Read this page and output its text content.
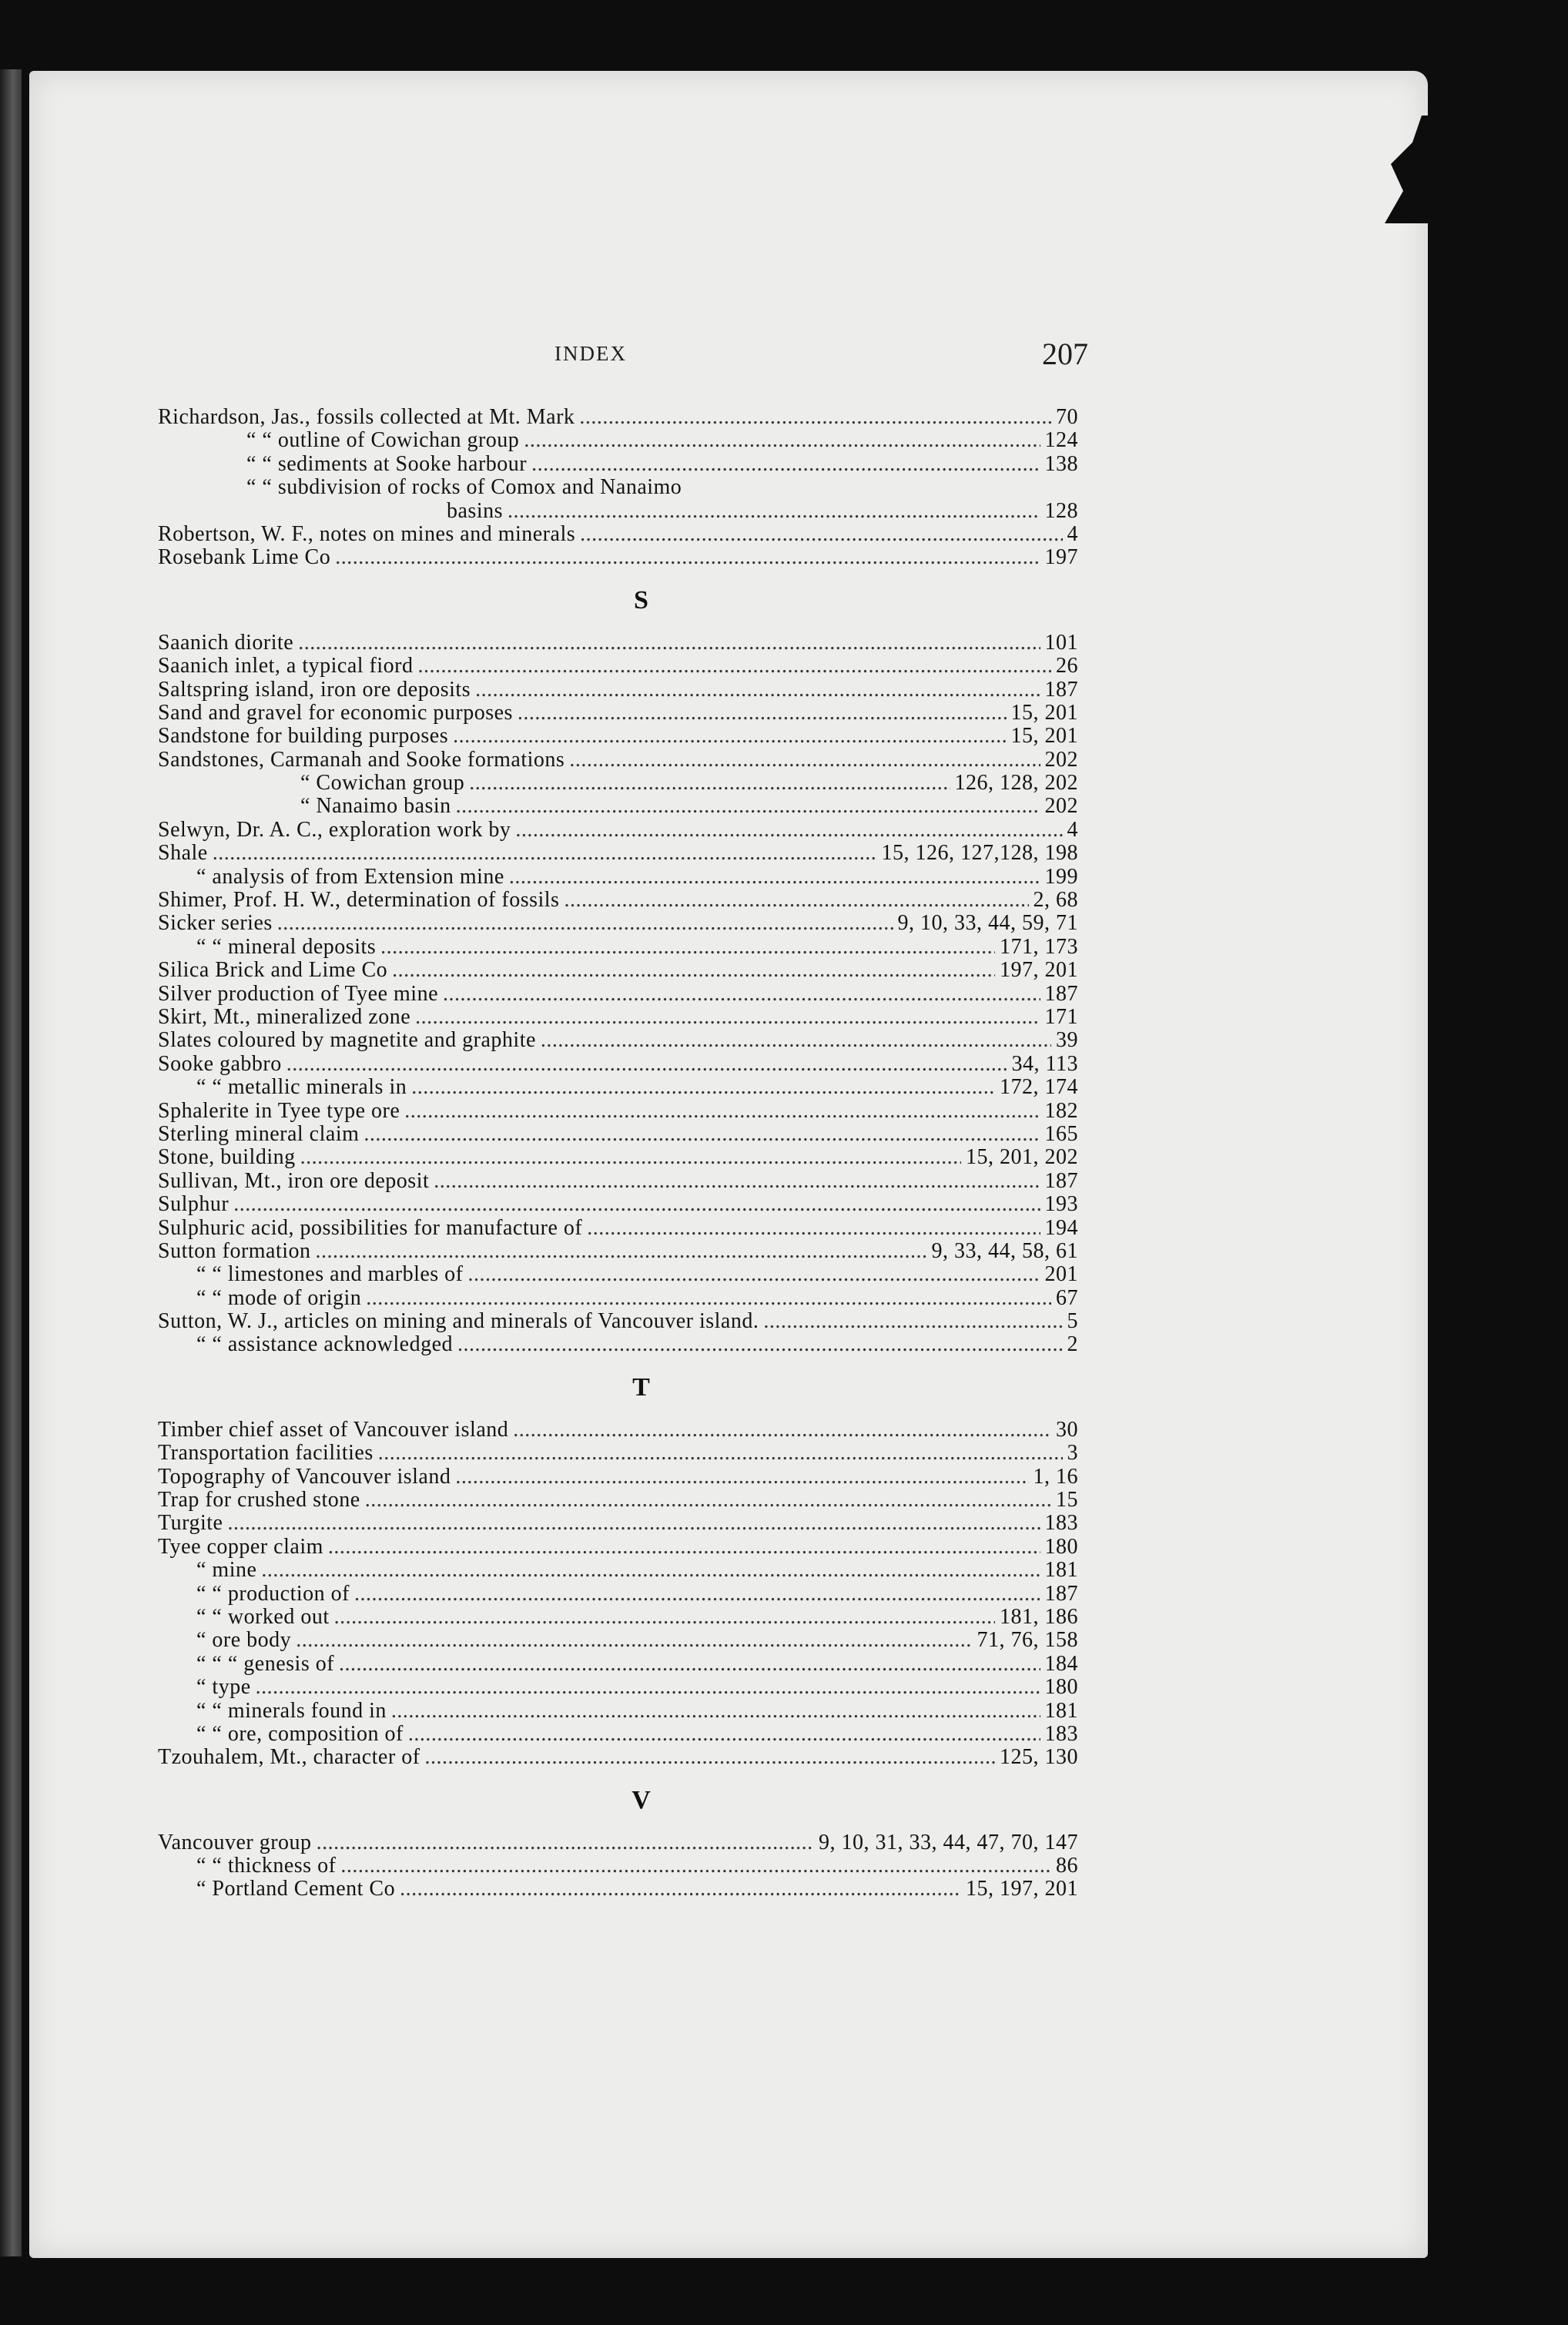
INDEX	207
Richardson, Jas., fossils collected at Mt. Mark .....	70
“ “ outline of Cowichan group .....	124
“ “ sediments at Sooke harbour .....	138
“ “ subdivision of rocks of Comox and Nanaimo
basins .....	128
Robertson, W. F., notes on mines and minerals .....	4
Rosebank Lime Co .....	197
S
Saanich diorite .....	101
Saanich inlet, a typical fiord .....	26
Saltspring island, iron ore deposits .....	187
Sand and gravel for economic purposes .....	15, 201
Sandstone for building purposes .....	15, 201
Sandstones, Carmanah and Sooke formations .....	202
“ Cowichan group .....	126, 128, 202
“ Nanaimo basin .....	202
Selwyn, Dr. A. C., exploration work by .....	4
Shale .....	15, 126, 127,128, 198
“ analysis of from Extension mine .....	199
Shimer, Prof. H. W., determination of fossils .....	2, 68
Sicker series .....	9, 10, 33, 44, 59, 71
“ “ mineral deposits .....	171, 173
Silica Brick and Lime Co .....	197, 201
Silver production of Tyee mine .....	187
Skirt, Mt., mineralized zone .....	171
Slates coloured by magnetite and graphite .....	39
Sooke gabbro .....	34, 113
“ “ metallic minerals in .....	172, 174
Sphalerite in Tyee type ore .....	182
Sterling mineral claim .....	165
Stone, building .....	15, 201, 202
Sullivan, Mt., iron ore deposit .....	187
Sulphur .....	193
Sulphuric acid, possibilities for manufacture of .....	194
Sutton formation .....	9, 33, 44, 58, 61
“ “ limestones and marbles of .....	201
“ “ mode of origin .....	67
Sutton, W. J., articles on mining and minerals of Vancouver island. .....	5
“ “ assistance acknowledged .....	2
T
Timber chief asset of Vancouver island .....	30
Transportation facilities .....	3
Topography of Vancouver island .....	1, 16
Trap for crushed stone .....	15
Turgite .....	183
Tyee copper claim .....	180
“ mine .....	181
“ “ production of .....	187
“ “ worked out .....	181, 186
“ ore body .....	71, 76, 158
“ “ “ genesis of .....	184
“ type .....	180
“ “ minerals found in .....	181
“ “ ore, composition of .....	183
Tzouhalem, Mt., character of .....	125, 130
V
Vancouver group .....	9, 10, 31, 33, 44, 47, 70, 147
“ “ thickness of .....	86
“ Portland Cement Co .....	15, 197, 201
